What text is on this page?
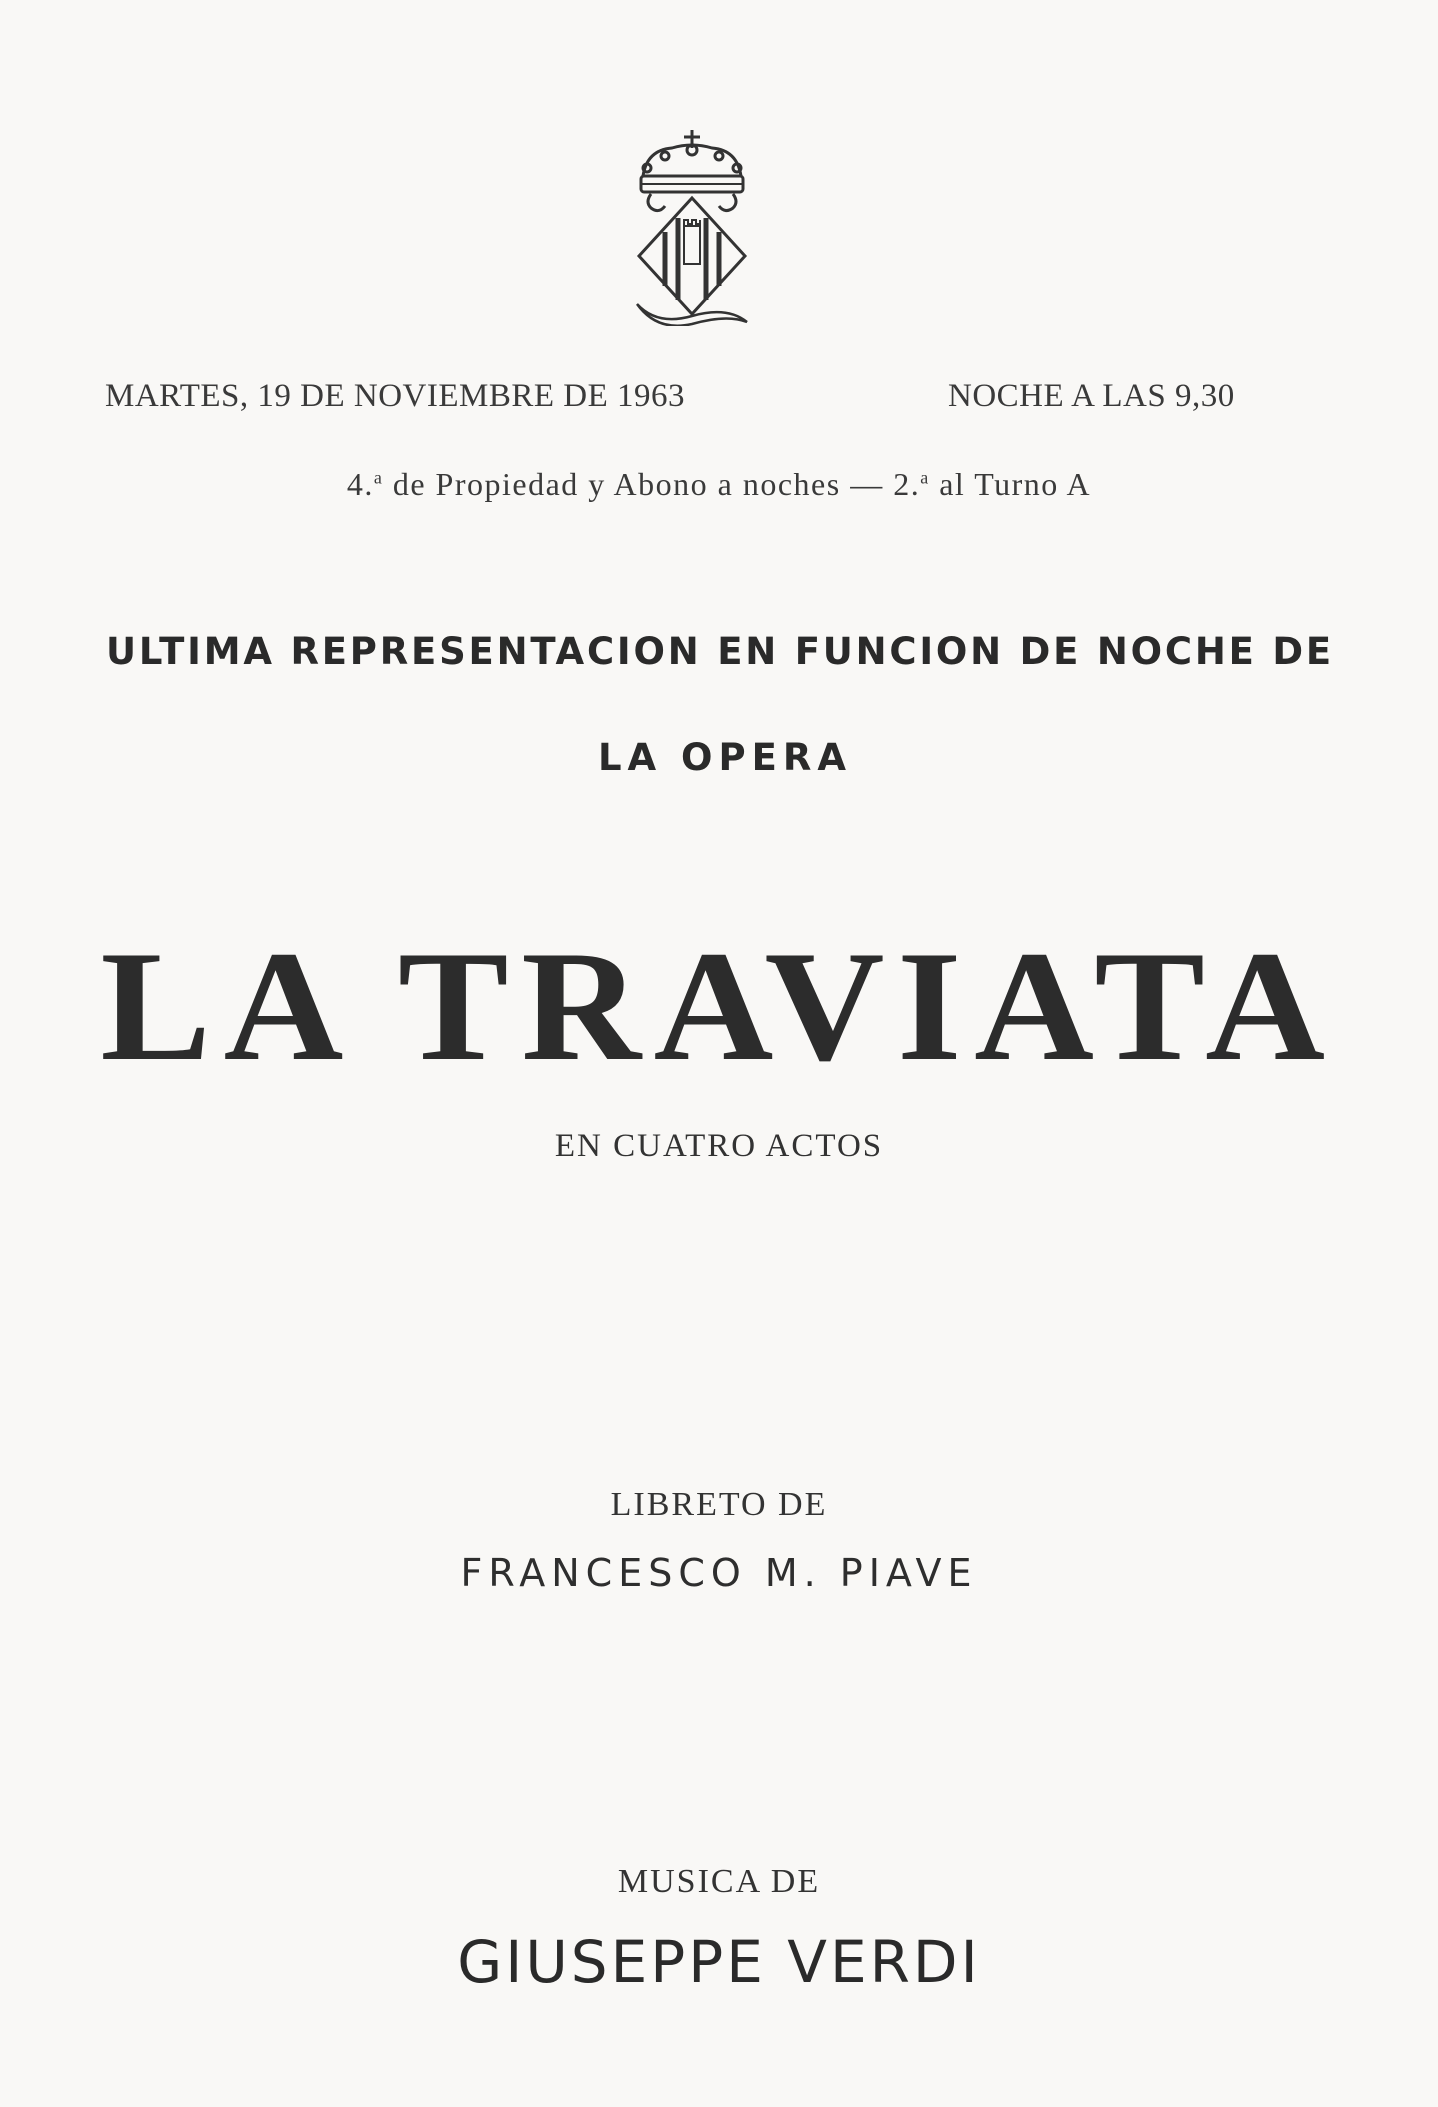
MARTES, 19 DE NOVIEMBRE DE 1963	NOCHE A LAS 9,30
4.$^a$ de Propiedad y Abono a noches — 2.$^a$ al Turno A
ULTIMA REPRESENTACION EN FUNCION DE NOCHE DE
LA OPERA
LA TRAVIATA
EN CUATRO ACTOS
LIBRETO DE
FRANCESCO M. PIAVE
MUSICA DE
GIUSEPPE VERDI
